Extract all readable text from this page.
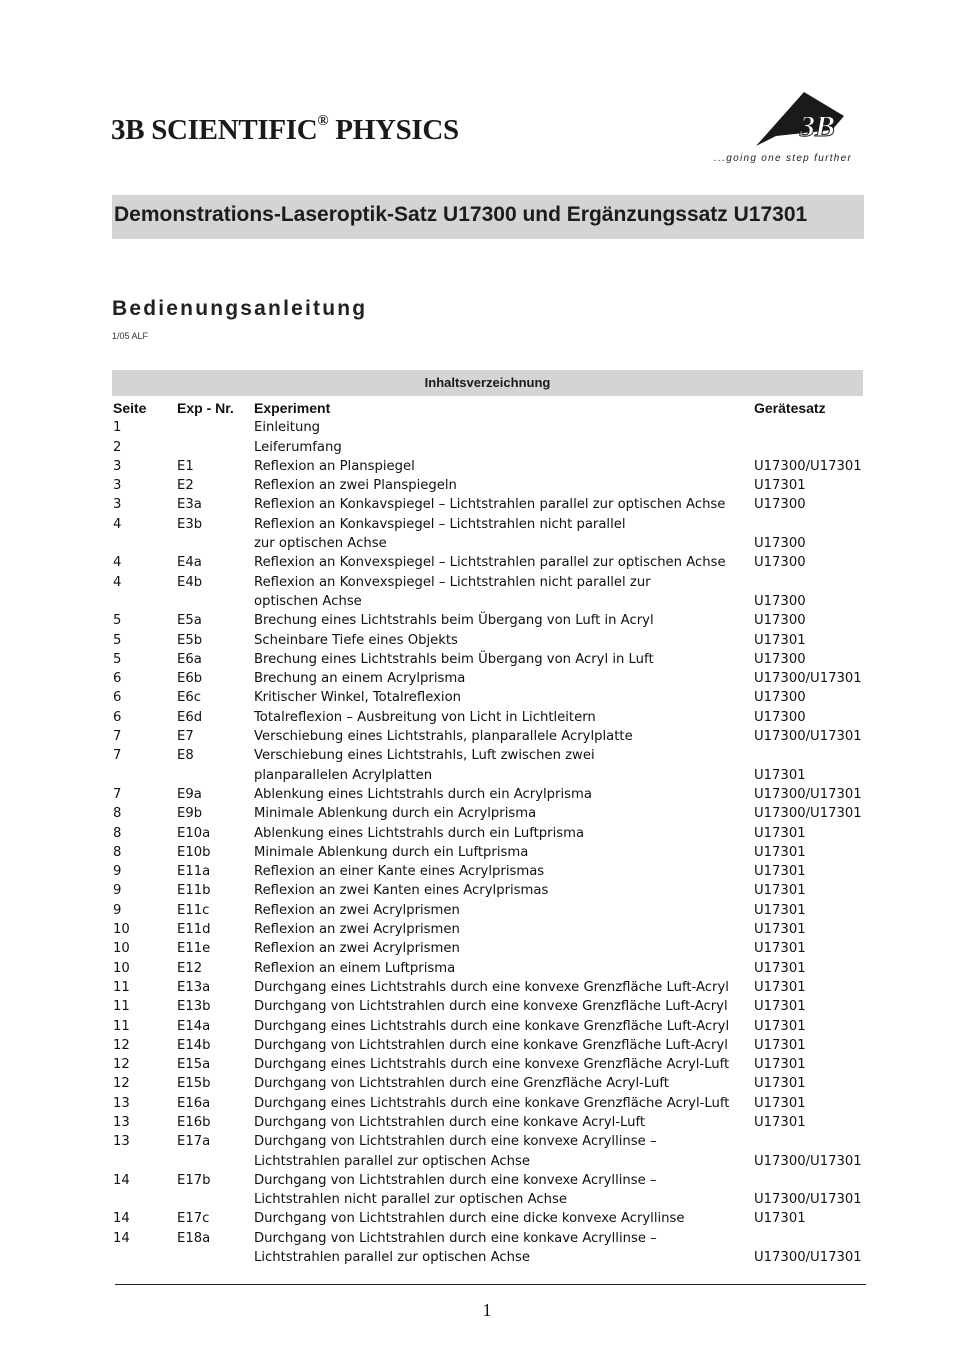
3B SCIENTIFIC® PHYSICS	3B
...going one step further
Demonstrations-Laseroptik-Satz U17300 und Ergänzungssatz U17301
Bedienungsanleitung
1/05 ALF
Inhaltsverzeichnung
Seite	Exp - Nr.	Experiment	Gerätesatz
1		Einleitung	
2		Leiferumfang	
3	E1	Reflexion an Planspiegel	U17300/U17301
3	E2	Reflexion an zwei Planspiegeln	U17301
3	E3a	Reflexion an Konkavspiegel – Lichtstrahlen parallel zur optischen Achse	U17300
4	E3b	Reflexion an Konkavspiegel – Lichtstrahlen nicht parallel	
		zur optischen Achse	U17300
4	E4a	Reflexion an Konvexspiegel – Lichtstrahlen parallel zur optischen Achse	U17300
4	E4b	Reflexion an Konvexspiegel – Lichtstrahlen nicht parallel zur	
		optischen Achse	U17300
5	E5a	Brechung eines Lichtstrahls beim Übergang von Luft in Acryl	U17300
5	E5b	Scheinbare Tiefe eines Objekts	U17301
5	E6a	Brechung eines Lichtstrahls beim Übergang von Acryl in Luft	U17300
6	E6b	Brechung an einem Acrylprisma	U17300/U17301
6	E6c	Kritischer Winkel, Totalreflexion	U17300
6	E6d	Totalreflexion – Ausbreitung von Licht in Lichtleitern	U17300
7	E7	Verschiebung eines Lichtstrahls, planparallele Acrylplatte	U17300/U17301
7	E8	Verschiebung eines Lichtstrahls, Luft zwischen zwei	
		planparallelen Acrylplatten	U17301
7	E9a	Ablenkung eines Lichtstrahls durch ein Acrylprisma	U17300/U17301
8	E9b	Minimale Ablenkung durch ein Acrylprisma	U17300/U17301
8	E10a	Ablenkung eines Lichtstrahls durch ein Luftprisma	U17301
8	E10b	Minimale Ablenkung durch ein Luftprisma	U17301
9	E11a	Reflexion an einer Kante eines Acrylprismas	U17301
9	E11b	Reflexion an zwei Kanten eines Acrylprismas	U17301
9	E11c	Reflexion an zwei Acrylprismen	U17301
10	E11d	Reflexion an zwei Acrylprismen	U17301
10	E11e	Reflexion an zwei Acrylprismen	U17301
10	E12	Reflexion an einem Luftprisma	U17301
11	E13a	Durchgang eines Lichtstrahls durch eine konvexe Grenzfläche Luft-Acryl	U17301
11	E13b	Durchgang von Lichtstrahlen durch eine konvexe Grenzfläche Luft-Acryl	U17301
11	E14a	Durchgang eines Lichtstrahls durch eine konkave Grenzfläche Luft-Acryl	U17301
12	E14b	Durchgang von Lichtstrahlen durch eine konkave Grenzfläche Luft-Acryl	U17301
12	E15a	Durchgang eines Lichtstrahls durch eine konvexe Grenzfläche Acryl-Luft	U17301
12	E15b	Durchgang von Lichtstrahlen durch eine Grenzfläche Acryl-Luft	U17301
13	E16a	Durchgang eines Lichtstrahls durch eine konkave Grenzfläche Acryl-Luft	U17301
13	E16b	Durchgang von Lichtstrahlen durch eine konkave Acryl-Luft	U17301
13	E17a	Durchgang von Lichtstrahlen durch eine konvexe Acryllinse –	
		Lichtstrahlen parallel zur optischen Achse	U17300/U17301
14	E17b	Durchgang von Lichtstrahlen durch eine konvexe Acryllinse –	
		Lichtstrahlen nicht parallel zur optischen Achse	U17300/U17301
14	E17c	Durchgang von Lichtstrahlen durch eine dicke konvexe Acryllinse	U17301
14	E18a	Durchgang von Lichtstrahlen durch eine konkave Acryllinse –	
		Lichtstrahlen parallel zur optischen Achse	U17300/U17301
1
